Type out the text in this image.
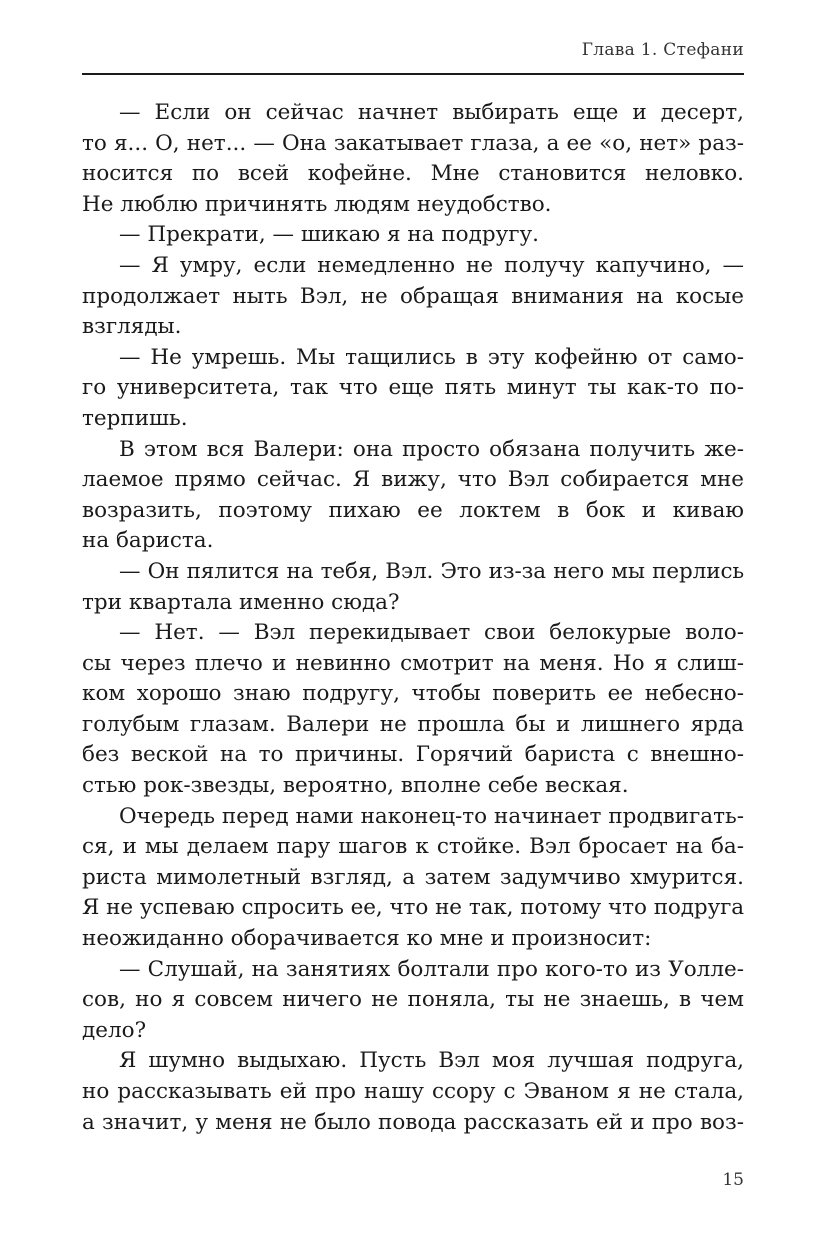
Глава 1. Стефани
— Если он сейчас начнет выбирать еще и десерт,
то я... О, нет... — Она закатывает глаза, а ее «о, нет» раз-
носится по всей кофейне. Мне становится неловко.
Не люблю причинять людям неудобство.
— Прекрати, — шикаю я на подругу.
— Я умру, если немедленно не получу капучино, —
продолжает ныть Вэл, не обращая внимания на косые
взгляды.
— Не умрешь. Мы тащились в эту кофейню от само-
го университета, так что еще пять минут ты как-то по-
терпишь.
В этом вся Валери: она просто обязана получить же-
лаемое прямо сейчас. Я вижу, что Вэл собирается мне
возразить, поэтому пихаю ее локтем в бок и киваю
на бариста.
— Он пялится на тебя, Вэл. Это из-за него мы перлись
три квартала именно сюда?
— Нет. — Вэл перекидывает свои белокурые воло-
сы через плечо и невинно смотрит на меня. Но я слиш-
ком хорошо знаю подругу, чтобы поверить ее небесно-
голубым глазам. Валери не прошла бы и лишнего ярда
без веской на то причины. Горячий бариста с внешно-
стью рок-звезды, вероятно, вполне себе веская.
Очередь перед нами наконец-то начинает продвигать-
ся, и мы делаем пару шагов к стойке. Вэл бросает на ба-
риста мимолетный взгляд, а затем задумчиво хмурится.
Я не успеваю спросить ее, что не так, потому что подруга
неожиданно оборачивается ко мне и произносит:
— Слушай, на занятиях болтали про кого-то из Уоллe-
сов, но я совсем ничего не поняла, ты не знаешь, в чем
дело?
Я шумно выдыхаю. Пусть Вэл моя лучшая подруга,
но рассказывать ей про нашу ссору с Эваном я не стала,
а значит, у меня не было повода рассказать ей и про воз-
15
